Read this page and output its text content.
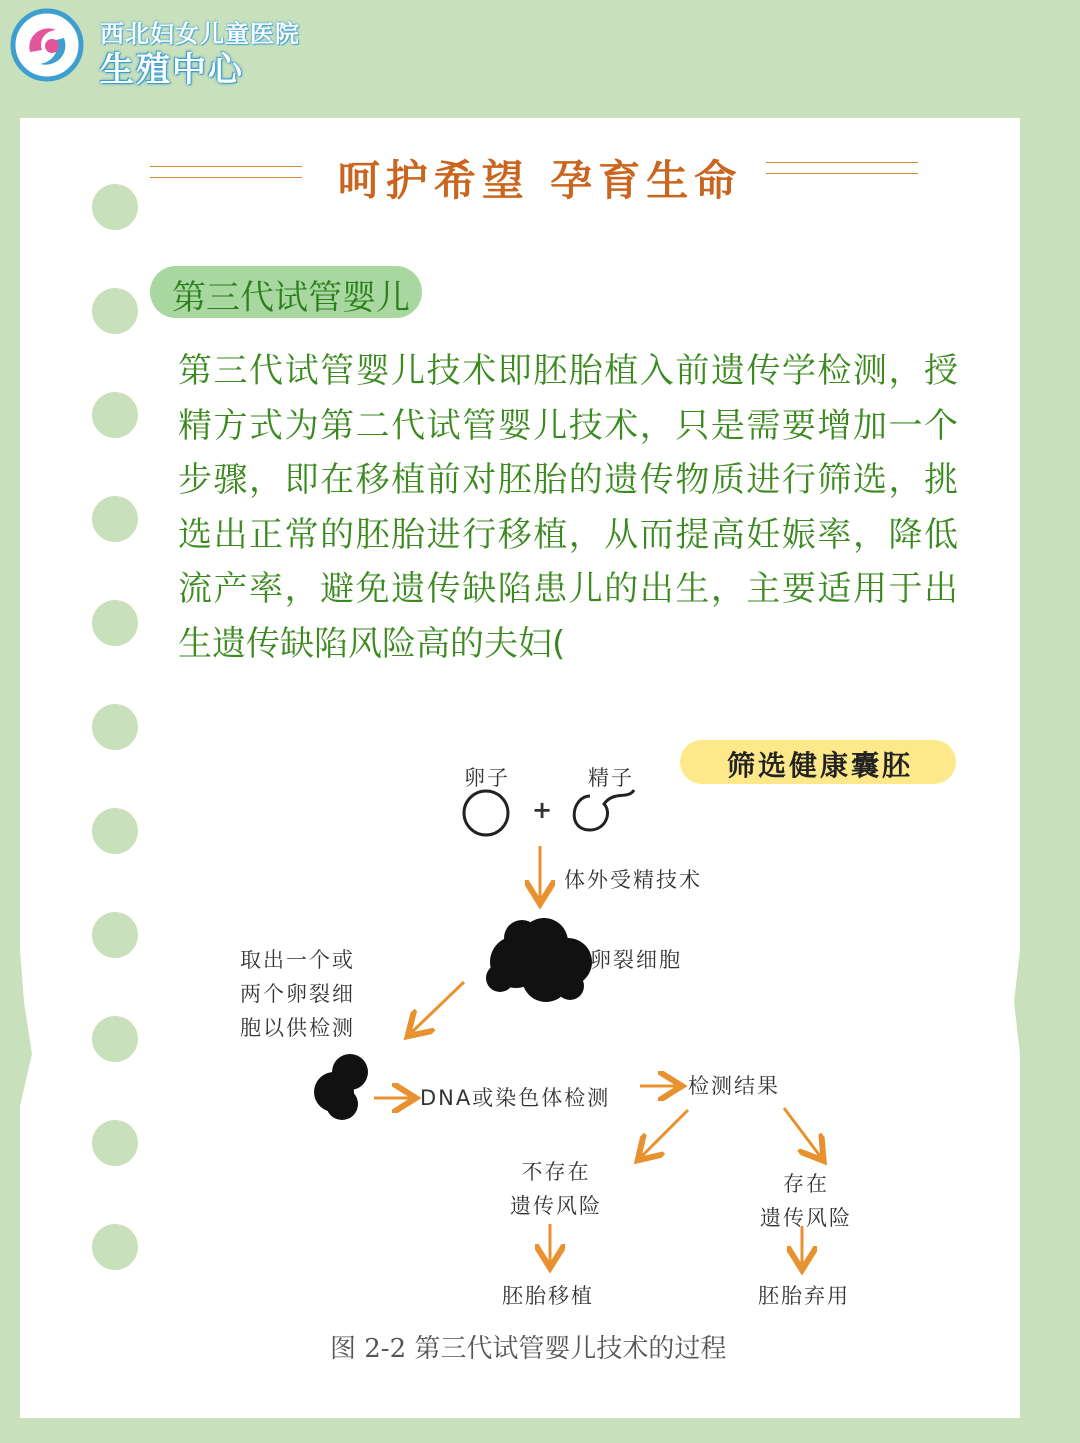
西北妇女儿童医院
生殖中心
呵护希望 孕育生命
第三代试管婴儿
第三代试管婴儿技术即胚胎植入前遗传学检测，授精方式为第二代试管婴儿技术，只是需要增加一个步骤，即在移植前对胚胎的遗传物质进行筛选，挑选出正常的胚胎进行移植，从而提高妊娠率，降低流产率，避免遗传缺陷患儿的出生，主要适用于出生遗传缺陷风险高的夫妇(
卵子	精子
+
体外受精技术
卵裂细胞
取出一个或
两个卵裂细
胞以供检测
DNA或染色体检测	检测结果
不存在
遗传风险
存在
遗传风险
胚胎移植	胚胎弃用
筛选健康囊胚
图 2-2 第三代试管婴儿技术的过程
